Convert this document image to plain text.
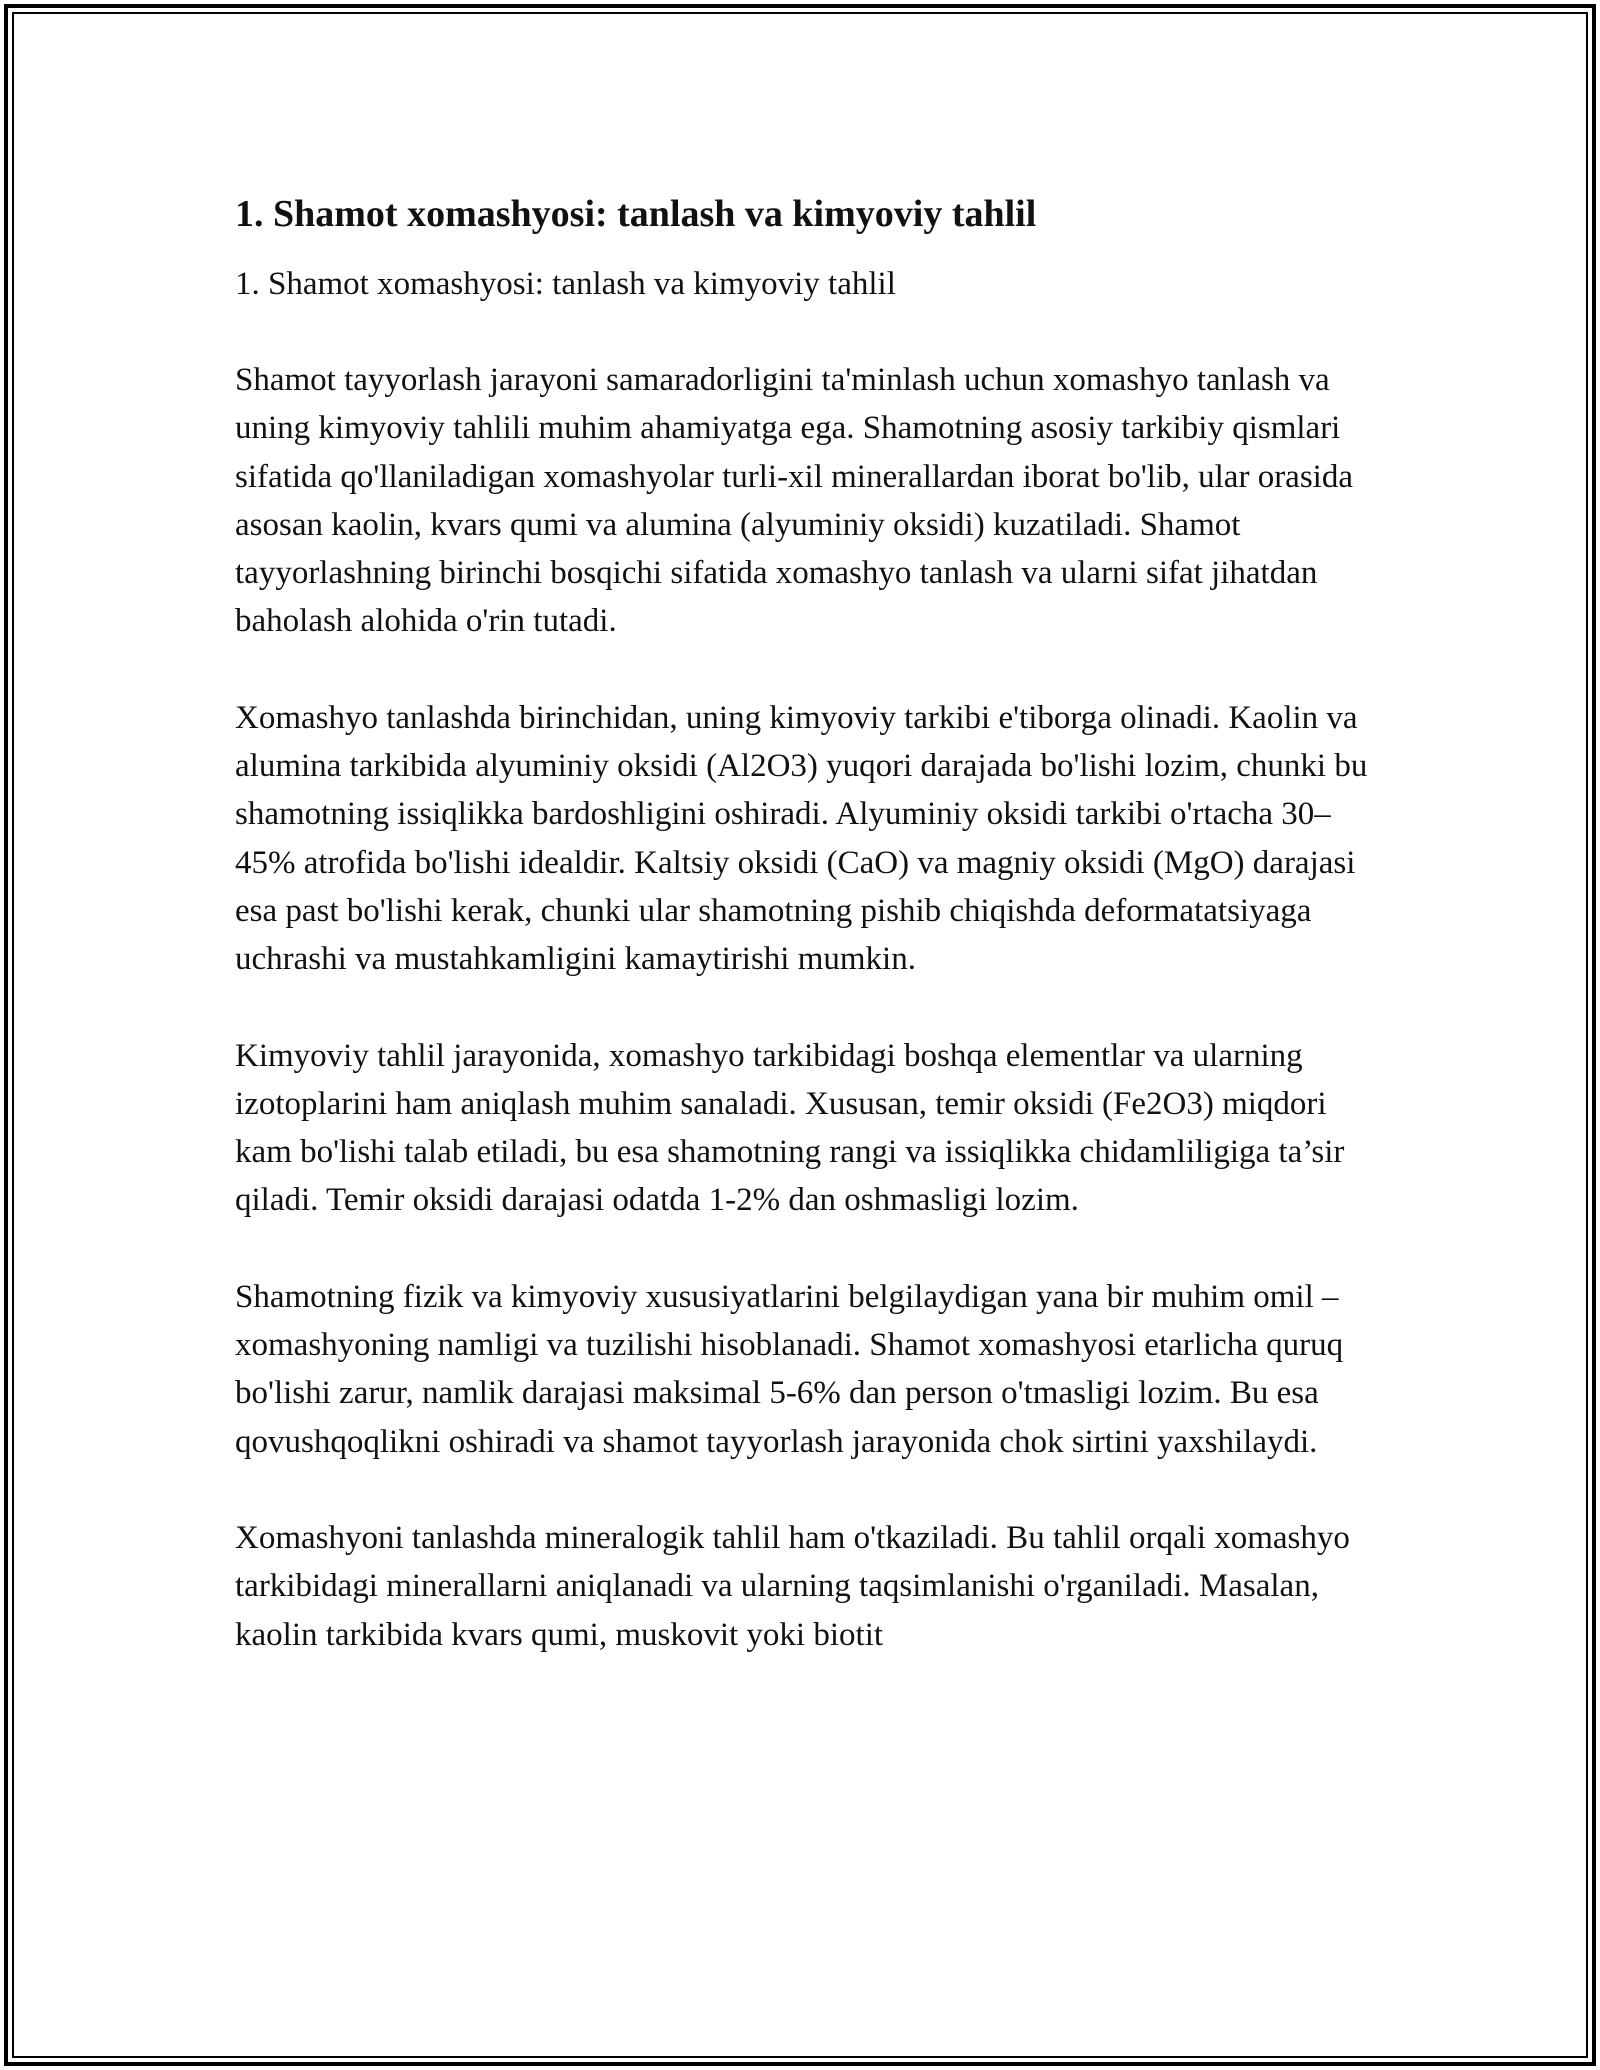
1. Shamot xomashyosi: tanlash va kimyoviy tahlil

1. Shamot xomashyosi: tanlash va kimyoviy tahlil

Shamot tayyorlash jarayoni samaradorligini ta'minlash uchun xomashyo tanlash va uning kimyoviy tahlili muhim ahamiyatga ega. Shamotning asosiy tarkibiy qismlari sifatida qo'llaniladigan xomashyolar turli-xil minerallardan iborat bo'lib, ular orasida asosan kaolin, kvars qumi va alumina (alyuminiy oksidi) kuzatiladi. Shamot tayyorlashning birinchi bosqichi sifatida xomashyo tanlash va ularni sifat jihatdan baholash alohida o'rin tutadi.

Xomashyo tanlashda birinchidan, uning kimyoviy tarkibi e'tiborga olinadi. Kaolin va alumina tarkibida alyuminiy oksidi (Al2O3) yuqori darajada bo'lishi lozim, chunki bu shamotning issiqlikka bardoshligini oshiradi. Alyuminiy oksidi tarkibi o'rtacha 30–45% atrofida bo'lishi idealdir. Kaltsiy oksidi (CaO) va magniy oksidi (MgO) darajasi esa past bo'lishi kerak, chunki ular shamotning pishib chiqishda deformatatsiyaga uchrashi va mustahkamligini kamaytirishi mumkin.

Kimyoviy tahlil jarayonida, xomashyo tarkibidagi boshqa elementlar va ularning izotoplarini ham aniqlash muhim sanaladi. Xususan, temir oksidi (Fe2O3) miqdori kam bo'lishi talab etiladi, bu esa shamotning rangi va issiqlikka chidamliligiga ta’sir qiladi. Temir oksidi darajasi odatda 1-2% dan oshmasligi lozim.

Shamotning fizik va kimyoviy xususiyatlarini belgilaydigan yana bir muhim omil – xomashyoning namligi va tuzilishi hisoblanadi. Shamot xomashyosi etarlicha quruq bo'lishi zarur, namlik darajasi maksimal 5-6% dan person o'tmasligi lozim. Bu esa qovushqoqlikni oshiradi va shamot tayyorlash jarayonida chok sirtini yaxshilaydi.

Xomashyoni tanlashda mineralogik tahlil ham o'tkaziladi. Bu tahlil orqali xomashyo tarkibidagi minerallarni aniqlanadi va ularning taqsimlanishi o'rganiladi. Masalan, kaolin tarkibida kvars qumi, muskovit yoki biotit
